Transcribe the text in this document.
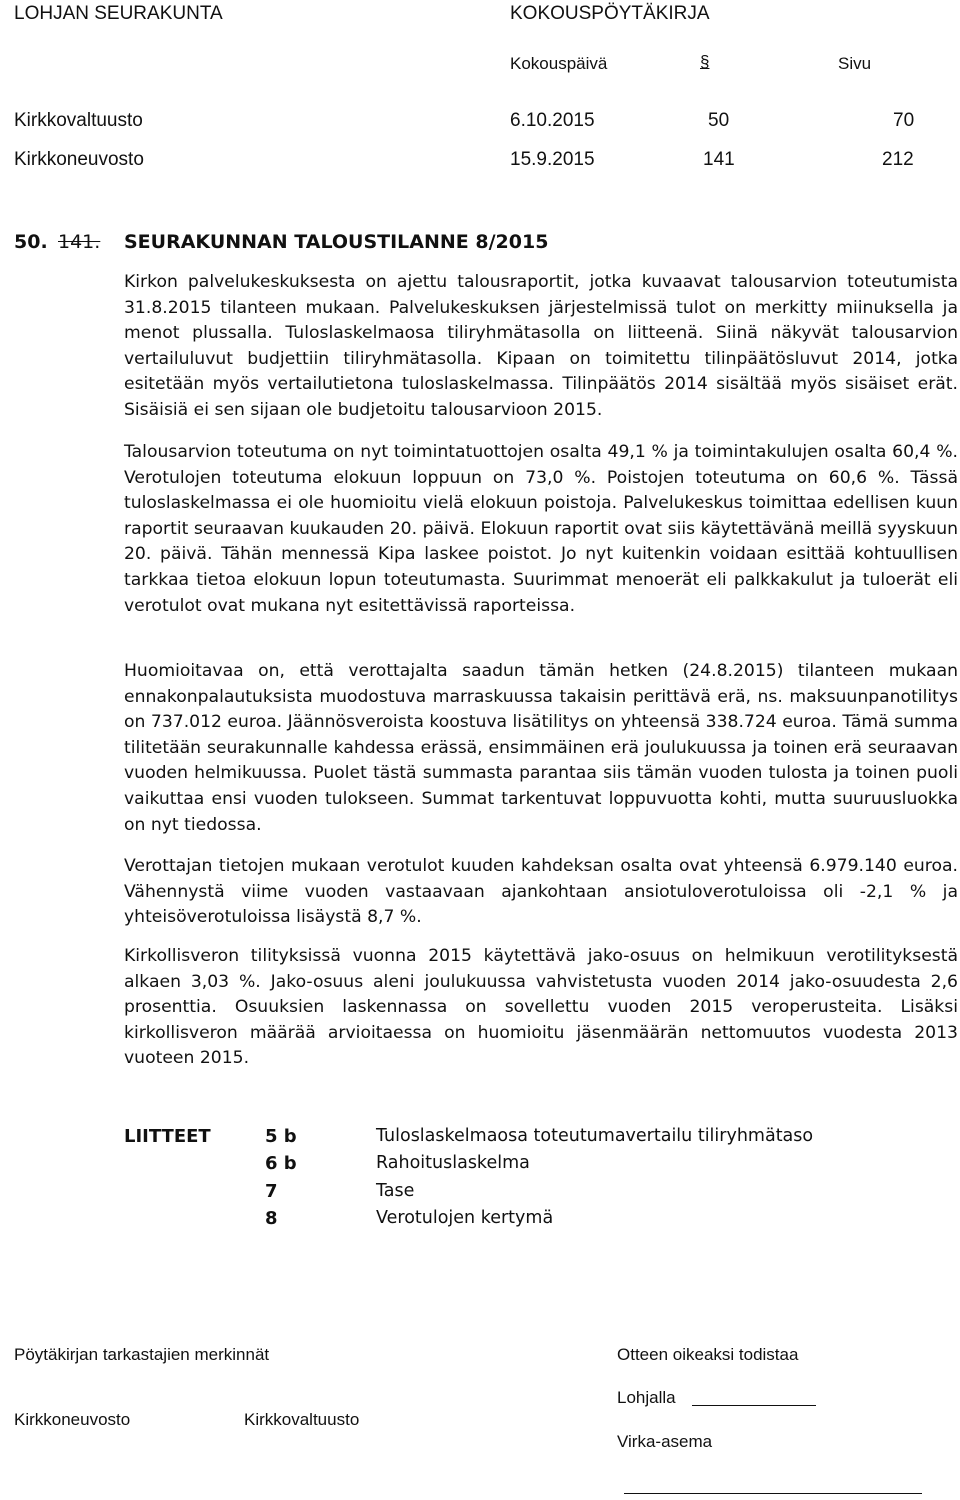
LOHJAN SEURAKUNTA	KOKOUSPÖYTÄKIRJA
Kokouspäivä	§	Sivu
Kirkkovaltuusto	6.10.2015	50	70
Kirkkoneuvosto	15.9.2015	141	212
50. 141. SEURAKUNNAN TALOUSTILANNE 8/2015

Kirkon palvelukeskuksesta on ajettu talousraportit, jotka kuvaavat talousarvion toteutumista 31.8.2015 tilanteen mukaan. Palvelukeskuksen järjestelmissä tulot on merkitty miinuksella ja menot plussalla. Tuloslaskelmaosa tiliryhmätasolla on liitteenä. Siinä näkyvät talousarvion vertailuluvut budjettiin tiliryhmätasolla. Kipaan on toimitettu tilinpäätösluvut 2014, jotka esitetään myös vertailutietona tuloslaskelmassa. Tilinpäätös 2014 sisältää myös sisäiset erät. Sisäisiä ei sen sijaan ole budjetoitu talousarvioon 2015.

Talousarvion toteutuma on nyt toimintatuottojen osalta 49,1 % ja toimintakulujen osalta 60,4 %. Verotulojen toteutuma elokuun loppuun on 73,0 %. Poistojen toteutuma on 60,6 %. Tässä tuloslaskelmassa ei ole huomioitu vielä elokuun poistoja. Palvelukeskus toimittaa edellisen kuun raportit seuraavan kuukauden 20. päivä. Elokuun raportit ovat siis käytettävänä meillä syyskuun 20. päivä. Tähän mennessä Kipa laskee poistot. Jo nyt kuitenkin voidaan esittää kohtuullisen tarkkaa tietoa elokuun lopun toteutumasta. Suurimmat menoerät eli palkkakulut ja tuloerät eli verotulot ovat mukana nyt esitettävissä raporteissa.

Huomioitavaa on, että verottajalta saadun tämän hetken (24.8.2015) tilanteen mukaan ennakonpalautuksista muodostuva marraskuussa takaisin perittävä erä, ns. maksuunpanotilitys on 737.012 euroa. Jäännösveroista koostuva lisätilitys on yhteensä 338.724 euroa. Tämä summa tilitetään seurakunnalle kahdessa erässä, ensimmäinen erä joulukuussa ja toinen erä seuraavan vuoden helmikuussa. Puolet tästä summasta parantaa siis tämän vuoden tulosta ja toinen puoli vaikuttaa ensi vuoden tulokseen. Summat tarkentuvat loppuvuotta kohti, mutta suuruusluokka on nyt tiedossa.

Verottajan tietojen mukaan verotulot kuuden kahdeksan osalta ovat yhteensä 6.979.140 euroa. Vähennystä viime vuoden vastaavaan ajankohtaan ansiotuloverotuloissa oli -2,1 % ja yhteisöverotuloissa lisäystä 8,7 %.

Kirkollisveron tilityksissä vuonna 2015 käytettävä jako-osuus on helmikuun verotilityksestä alkaen 3,03 %. Jako-osuus aleni joulukuussa vahvistetusta vuoden 2014 jako-osuudesta 2,6 prosenttia. Osuuksien laskennassa on sovellettu vuoden 2015 veroperusteita. Lisäksi kirkollisveron määrää arvioitaessa on huomioitu jäsenmäärän nettomuutos vuodesta 2013 vuoteen 2015.

LIITTEET	5 b	Tuloslaskelmaosa toteutumavertailu tiliryhmätaso
6 b	Rahoituslaskelma
7	Tase
8	Verotulojen kertymä
Pöytäkirjan tarkastajien merkinnät	Otteen oikeaksi todistaa
Lohjalla
Kirkkoneuvosto	Kirkkovaltuusto
Virka-asema
